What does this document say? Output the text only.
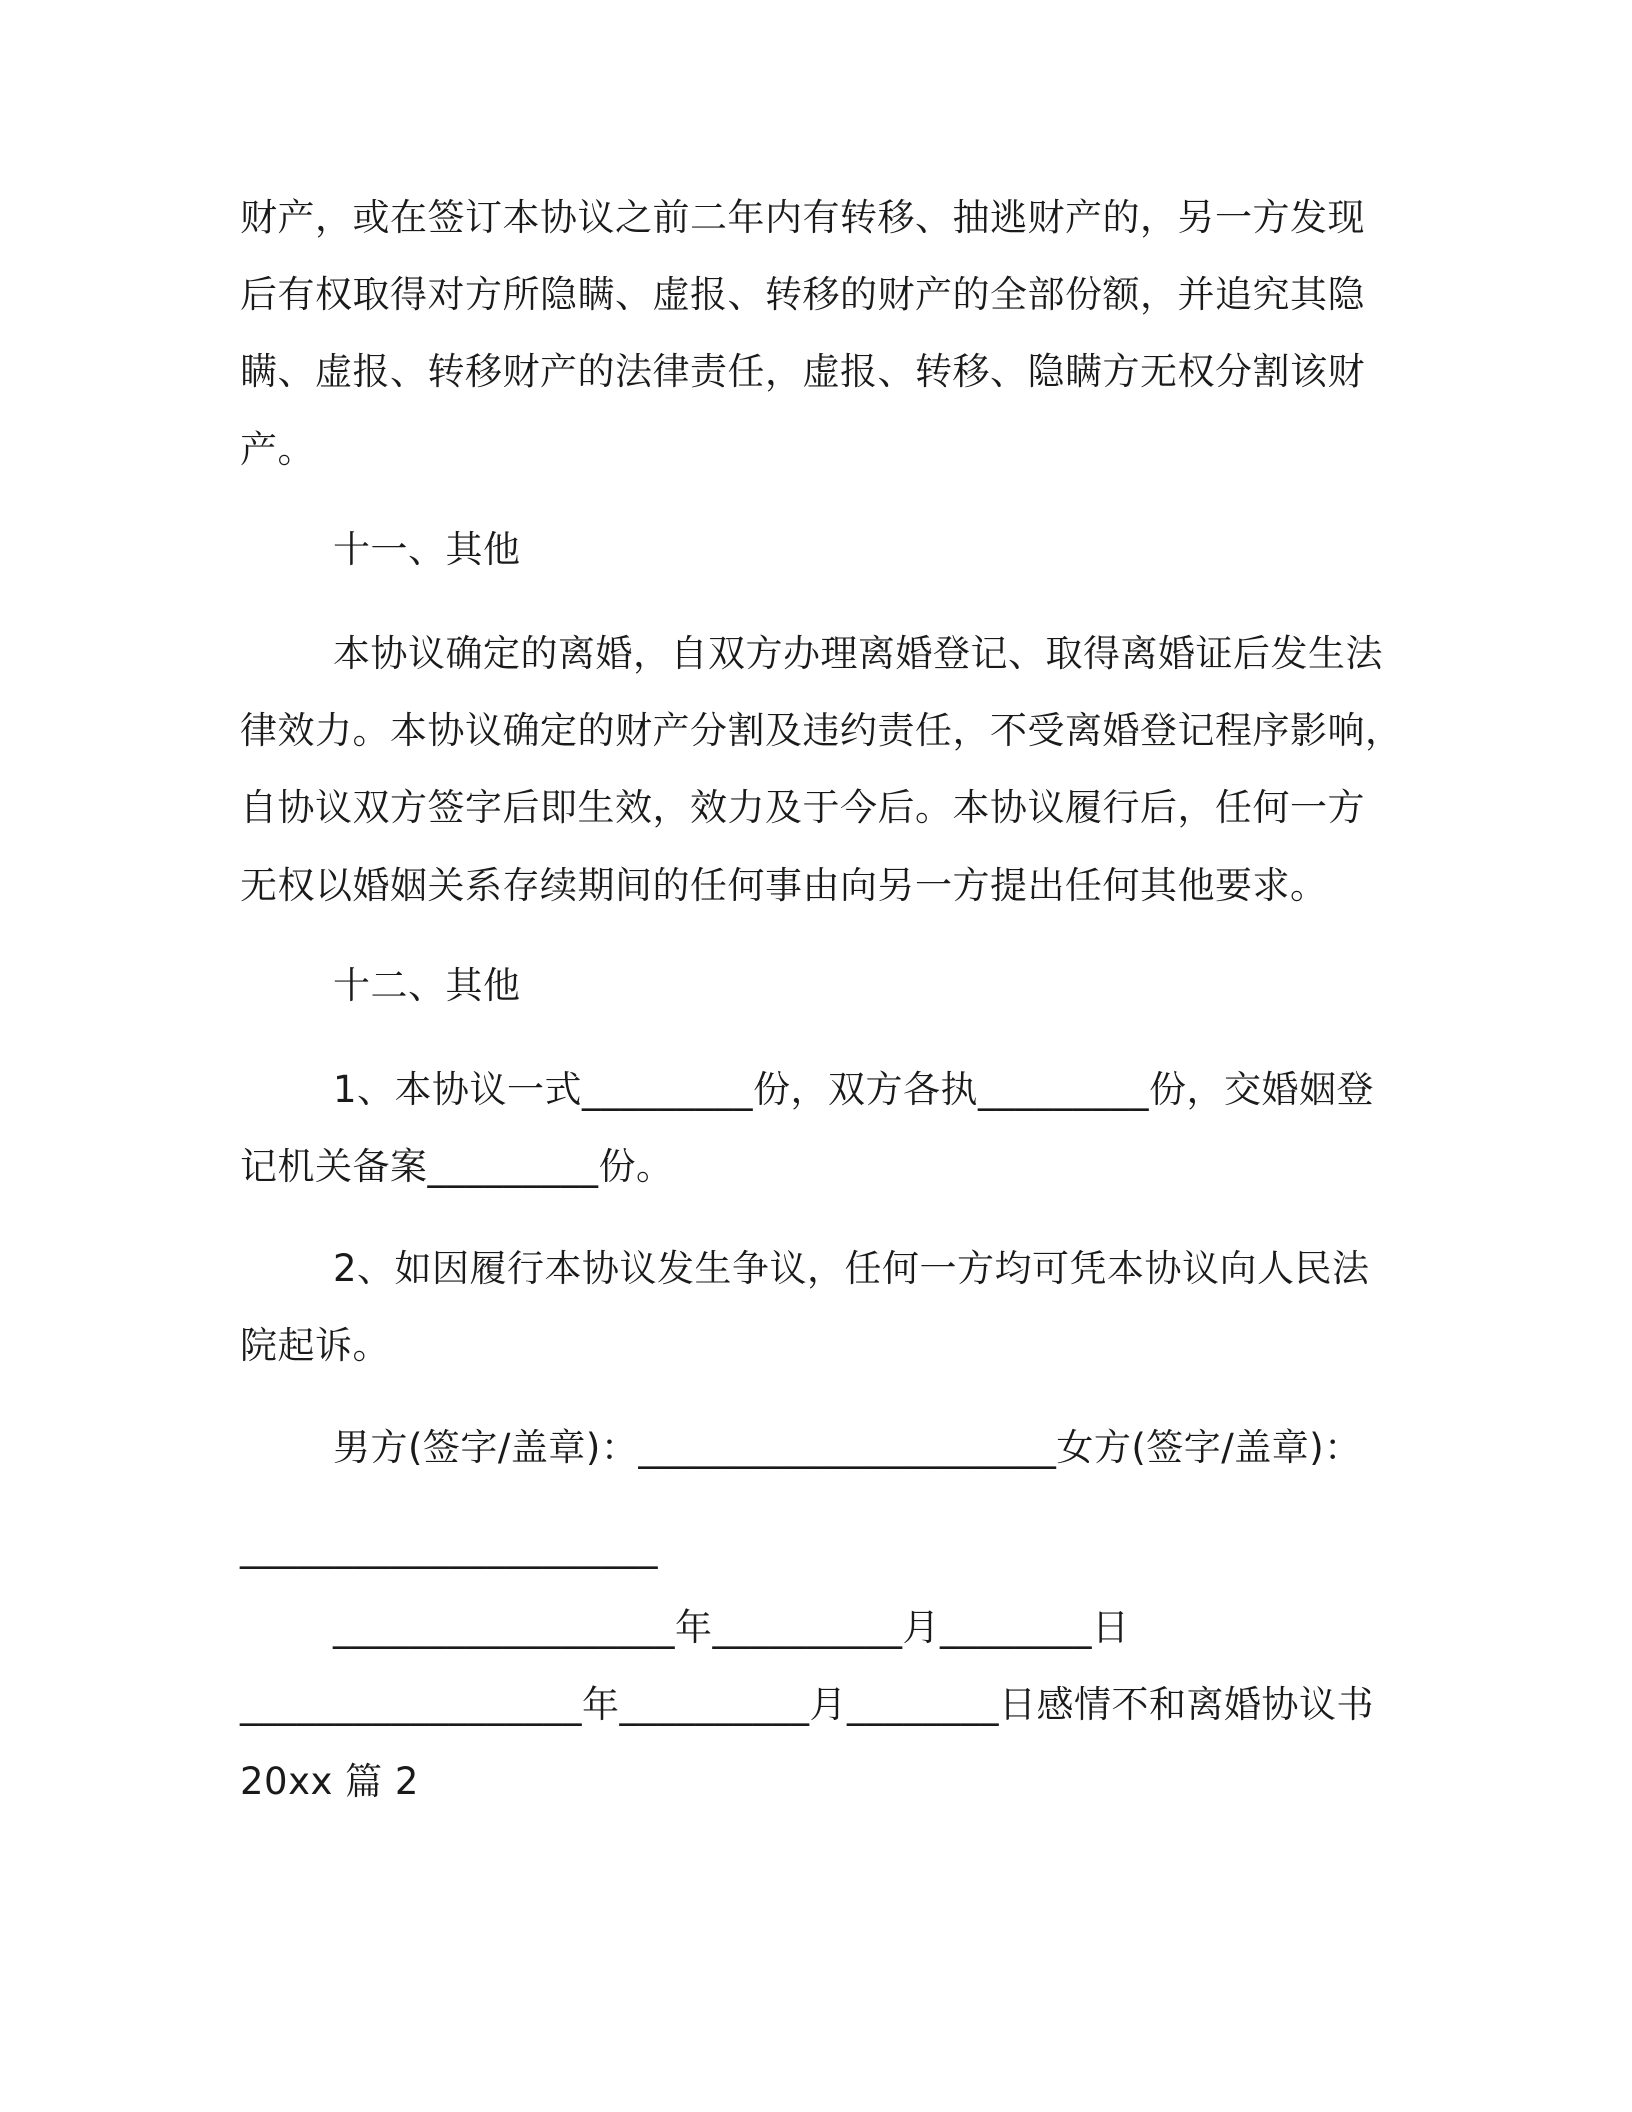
财产，或在签订本协议之前二年内有转移、抽逃财产的，另一方发现
后有权取得对方所隐瞒、虚报、转移的财产的全部份额，并追究其隐
瞒、虚报、转移财产的法律责任，虚报、转移、隐瞒方无权分割该财
产。
十一、其他
本协议确定的离婚，自双方办理离婚登记、取得离婚证后发生法
律效力。本协议确定的财产分割及违约责任，不受离婚登记程序影响，
自协议双方签字后即生效，效力及于今后。本协议履行后，任何一方
无权以婚姻关系存续期间的任何事由向另一方提出任何其他要求。
十二、其他
1、本协议一式_________份，双方各执_________份，交婚姻登
记机关备案_________份。
2、如因履行本协议发生争议，任何一方均可凭本协议向人民法
院起诉。
男方(签字/盖章)：______________________女方(签字/盖章)：
______________________
__________________年__________月________日
__________________年__________月________日感情不和离婚协议书
20xx 篇 2
